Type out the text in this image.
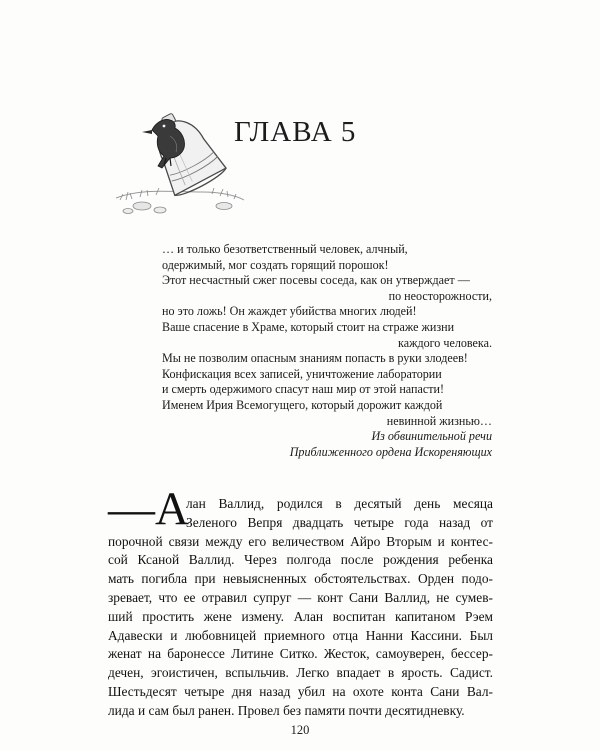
ГЛАВА 5
… и только безответственный человек, алчный,
одержимый, мог создать горящий порошок!
Этот несчастный сжег посевы соседа, как он утверждает —
по неосторожности,
но это ложь! Он жаждет убийства многих людей!
Ваше спасение в Храме, который стоит на страже жизни
каждого человека.
Мы не позволим опасным знаниям попасть в руки злодеев!
Конфискация всех записей, уничтожение лаборатории
и смерть одержимого спасут наш мир от этой напасти!
Именем Ирия Всемогущего, который дорожит каждой
невинной жизнью…
Из обвинительной речи
Приближенного ордена Искореняющих
—А
лан Валлид, родился в десятый день месяца
Зеленого Вепря двадцать четыре года назад от
порочной связи между его величеством Айро Вторым и контес-
сой Ксаной Валлид. Через полгода после рождения ребенка
мать погибла при невыясненных обстоятельствах. Орден подо-
зревает, что ее отравил супруг — конт Сани Валлид, не сумев-
ший простить жене измену. Алан воспитан капитаном Рэем
Адавески и любовницей приемного отца Нанни Кассини. Был
женат на баронессе Литине Ситко. Жесток, самоуверен, бессер-
дечен, эгоистичен, вспыльчив. Легко впадает в ярость. Садист.
Шестьдесят четыре дня назад убил на охоте конта Сани Вал-
лида и сам был ранен. Провел без памяти почти десятидневку.
120
